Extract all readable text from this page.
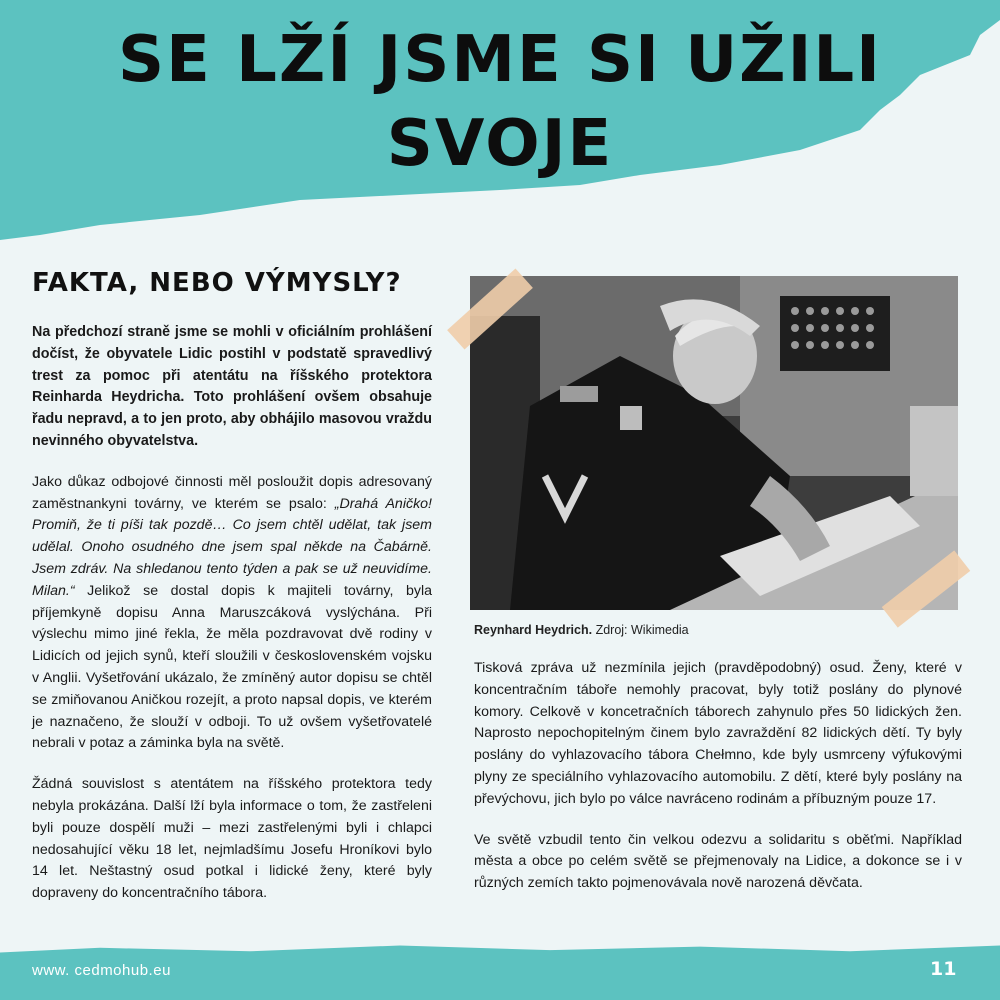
SE LŽÍ JSME SI UŽILI
SVOJE
FAKTA, NEBO VÝMYSLY?

Na předchozí straně jsme se mohli v oficiálním prohlášení dočíst, že obyvatele Lidic postihl v podstatě spravedlivý trest za pomoc při atentátu na říšského protektora Reinharda Heydricha. Toto prohlášení ovšem obsahuje řadu nepravd, a to jen proto, aby obhájilo masovou vraždu nevinného obyvatelstva.

Jako důkaz odbojové činnosti měl posloužit dopis adresovaný zaměstnankyni továrny, ve kterém se psalo: „Drahá Aničko! Promiň, že ti píši tak pozdě… Co jsem chtěl udělat, tak jsem udělal. Onoho osudného dne jsem spal někde na Čabárně. Jsem zdráv. Na shledanou tento týden a pak se už neuvidíme. Milan.“ Jelikož se dostal dopis k majiteli továrny, byla příjemkyně dopisu Anna Maruszcáková vyslýchána. Při výslechu mimo jiné řekla, že měla pozdravovat dvě rodiny v Lidicích od jejich synů, kteří sloužili v československém vojsku v Anglii. Vyšetřování ukázalo, že zmíněný autor dopisu se chtěl se zmiňovanou Aničkou rozejít, a proto napsal dopis, ve kterém je naznačeno, že slouží v odboji. To už ovšem vyšetřovatelé nebrali v potaz a záminka byla na světě.

Žádná souvislost s atentátem na říšského protektora tedy nebyla prokázána. Další lží byla informace o tom, že zastřeleni byli pouze dospělí muži – mezi zastřelenými byli i chlapci nedosahující věku 18 let, nejmladšímu Josefu Hroníkovi bylo 14 let. Neštastný osud potkal i lidické ženy, které byly dopraveny do koncentračního tábora.

Reynhard Heydrich. Zdroj: Wikimedia

Tisková zpráva už nezmínila jejich (pravděpodobný) osud. Ženy, které v koncentračním táboře nemohly pracovat, byly totiž poslány do plynové komory. Celkově v koncetračních táborech zahynulo přes 50 lidických žen. Naprosto nepochopitelným činem bylo zavraždění 82 lidických dětí. Ty byly poslány do vyhlazovacího tábora Chełmno, kde byly usmrceny výfukovými plyny ze speciálního vyhlazovacího automobilu. Z dětí, které byly poslány na převýchovu, jich bylo po válce navráceno rodinám a příbuzným pouze 17.

Ve světě vzbudil tento čin velkou odezvu a solidaritu s oběťmi. Například města a obce po celém světě se přejmenovaly na Lidice, a dokonce se i v různých zemích takto pojmenovávala nově narozená děvčata.

www. cedmohub.eu	11
